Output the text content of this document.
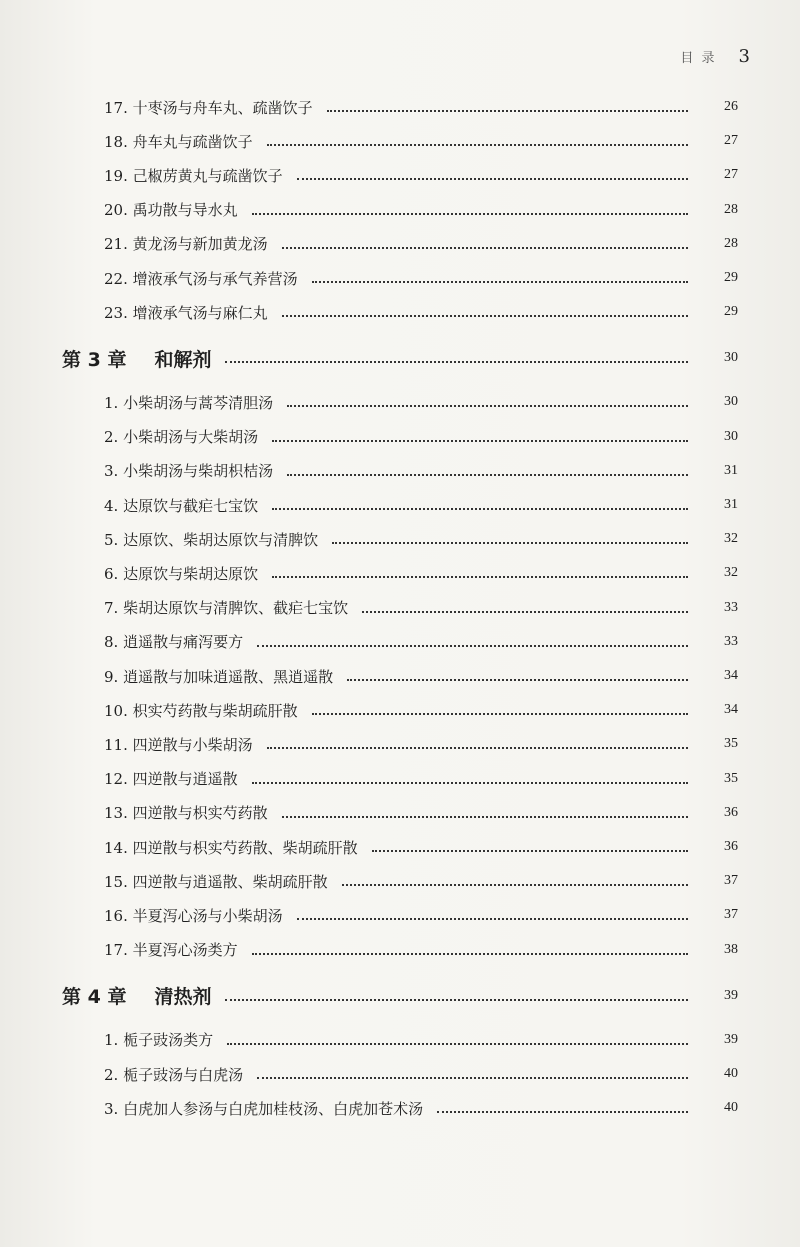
目 录 3
17. 十枣汤与舟车丸、疏凿饮子	26
18. 舟车丸与疏凿饮子	27
19. 己椒苈黄丸与疏凿饮子	27
20. 禹功散与导水丸	28
21. 黄龙汤与新加黄龙汤	28
22. 增液承气汤与承气养营汤	29
23. 增液承气汤与麻仁丸	29
第 3 章 和解剂	30
1. 小柴胡汤与蒿芩清胆汤	30
2. 小柴胡汤与大柴胡汤	30
3. 小柴胡汤与柴胡枳桔汤	31
4. 达原饮与截疟七宝饮	31
5. 达原饮、柴胡达原饮与清脾饮	32
6. 达原饮与柴胡达原饮	32
7. 柴胡达原饮与清脾饮、截疟七宝饮	33
8. 逍遥散与痛泻要方	33
9. 逍遥散与加味逍遥散、黑逍遥散	34
10. 枳实芍药散与柴胡疏肝散	34
11. 四逆散与小柴胡汤	35
12. 四逆散与逍遥散	35
13. 四逆散与枳实芍药散	36
14. 四逆散与枳实芍药散、柴胡疏肝散	36
15. 四逆散与逍遥散、柴胡疏肝散	37
16. 半夏泻心汤与小柴胡汤	37
17. 半夏泻心汤类方	38
第 4 章 清热剂	39
1. 栀子豉汤类方	39
2. 栀子豉汤与白虎汤	40
3. 白虎加人参汤与白虎加桂枝汤、白虎加苍术汤	40
